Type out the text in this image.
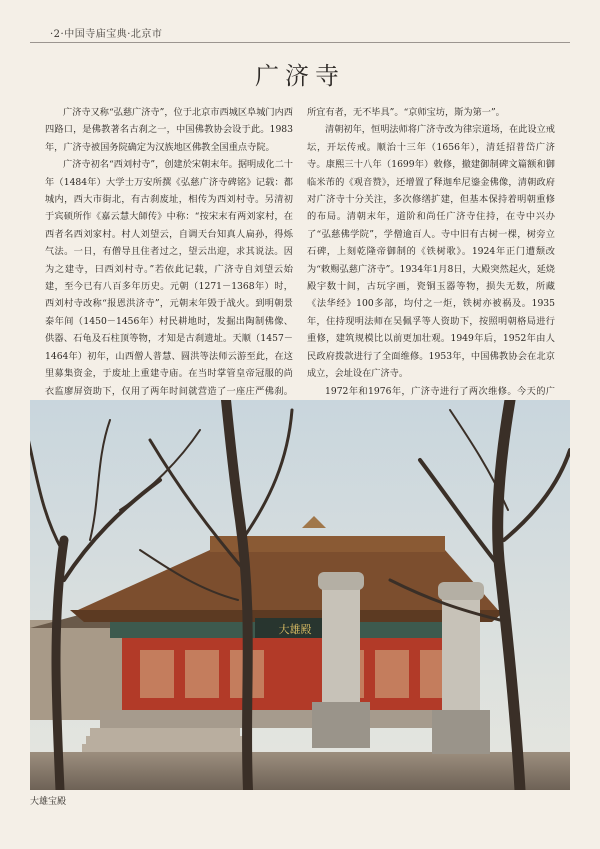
·2·中国寺庙宝典·北京市
广济寺

广济寺又称“弘慈广济寺”，位于北京市西城区阜城门内西四路口，是佛教著名古刹之一，中国佛教协会设于此。1983年，广济寺被国务院确定为汉族地区佛教全国重点寺院。

广济寺初名“西刘村寺”，创建於宋朝末年。据明成化二十年（1484年）大学士万安所撰《弘慈广济寺碑铭》记载：都城内，西大市街北，有古刹废址，相传为西刘村寺。另清初于宾硕所作《嘉云慧大師传》中称：“按宋末有两刘家村，在西者名西刘家村。村人刘望云，自调天台知真人扁孙，得烁气法。一日，有僧导且住者过之，望云出迎，求其说法。因为之建寺，曰西刘村寺。”若依此记载，广济寺自刘望云始建，至今已有八百多年历史。元朝（1271－1368年）时，西刘村寺改称“报恩洪济寺”，元朝末年毁于战火。到明朝景泰年间（1450－1456年）村民耕地时，发掘出陶制佛像、供器、石龟及石柱顶等物，才知是古刹遗址。天顺（1457－1464年）初年，山西僧人普慧、圆洪等法师云游至此，在这里募集资金，于废址上重建寺庙。在当时掌管皇帝冠服的尚衣监廖屏资助下，仅用了两年时间就营造了一座庄严佛刹。

所宜有者，无不毕具”。“京师宝坊，斯为第一”。

清朝初年，恒明法师将广济寺改为律宗道场，在此设立戒坛，开坛传戒。顺治十三年（1656年），清廷招普岱广济寺。康熙三十八年（1699年）敕修，撤建御制碑文篇额和御临米芾的《观音赞》，还增置了释迦牟尼鎏金佛像，清朝政府对广济寺十分关注，多次修缮扩建，但基本保持着明朝重修的布局。清朝末年，道阶和尚任广济寺住持，在寺中兴办了“弘慈佛学院”，学僧逾百人。寺中旧有古树一棵，树旁立石碑，上刻乾隆帝御制的《铁树歌》。1924年正门遭颓改为“敕赐弘慈广济寺”。1934年1月8日，大殿突然起火，延烧殿宇数十间，古玩字画，瓷铜玉器等物，损失无数，所藏《法华经》100多部，均付之一炬，铁树亦被祸及。1935年，住持现明法师在吴佩孚等人资助下，按照明朝格局进行重修，建筑规模比以前更加壮观。1949年后，1952年由人民政府拨款进行了全面维修。1953年，中国佛教协会在北京成立，会址设在广济寺。

1972年和1976年，广济寺进行了两次维修。今天的广

大雄殿
大雄宝殿
